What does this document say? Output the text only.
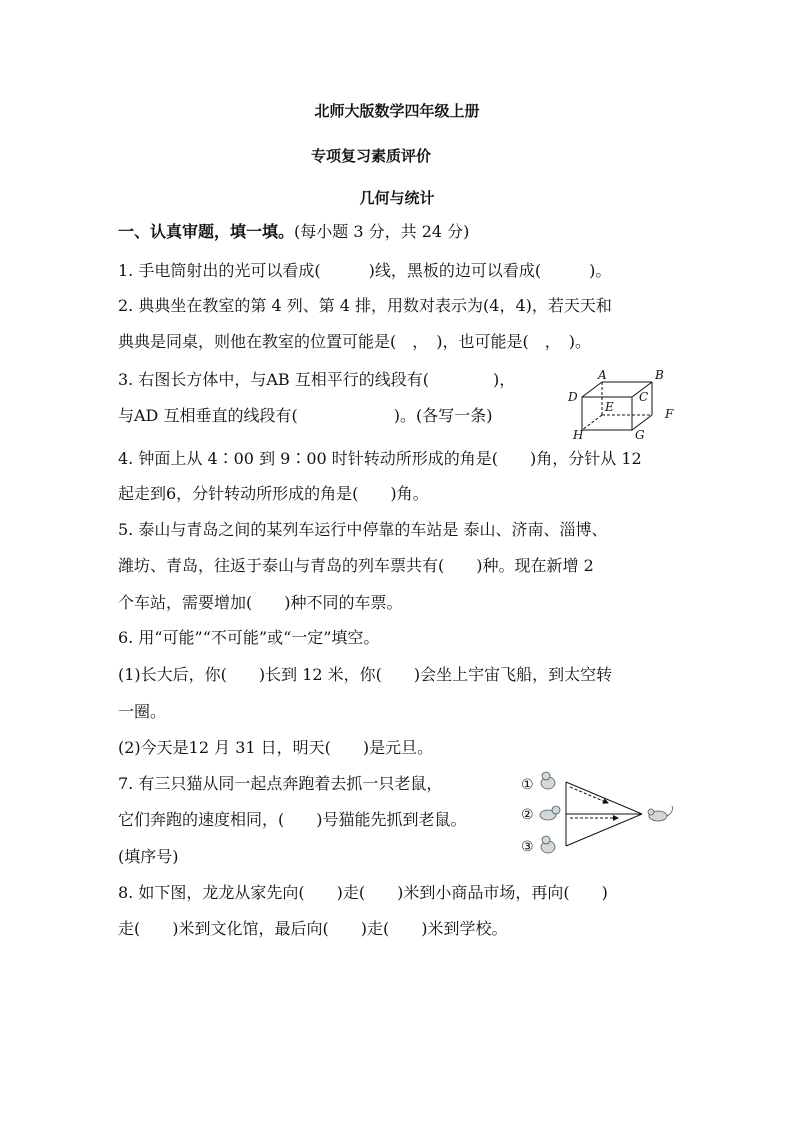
北师大版数学四年级上册
专项复习素质评价
几何与统计
一、认真审题，填一填。(每小题 3 分，共 24 分)
1. 手电筒射出的光可以看成(　　　)线，黑板的边可以看成(　　　)。
2. 典典坐在教室的第 4 列、第 4 排，用数对表示为(4，4)，若天天和
典典是同桌，则他在教室的位置可能是(　，　)，也可能是(　，　)。
3. 右图长方体中，与AB 互相平行的线段有(　　　　)，
与AD 互相垂直的线段有(　　　　　　)。(各写一条)
4. 钟面上从 4∶00 到 9∶00 时针转动所形成的角是(　　)角，分针从 12
起走到6，分针转动所形成的角是(　　)角。
5. 泰山与青岛之间的某列车运行中停靠的车站是 泰山、济南、淄博、
潍坊、青岛，往返于泰山与青岛的列车票共有(　　)种。现在新增 2
个车站，需要增加(　　)种不同的车票。
6. 用“可能”“不可能”或“一定”填空。
(1)长大后，你(　　)长到 12 米，你(　　)会坐上宇宙飞船，到太空转
一圈。
(2)今天是12 月 31 日，明天(　　)是元旦。
7. 有三只猫从同一起点奔跑着去抓一只老鼠，
它们奔跑的速度相同，(　　)号猫能先抓到老鼠。
(填序号)
8. 如下图，龙龙从家先向(　　)走(　　)米到小商品市场，再向(　　)
走(　　)米到文化馆，最后向(　　)走(　　)米到学校。
A	B
C
D
E	F
G
H
①
②
③
